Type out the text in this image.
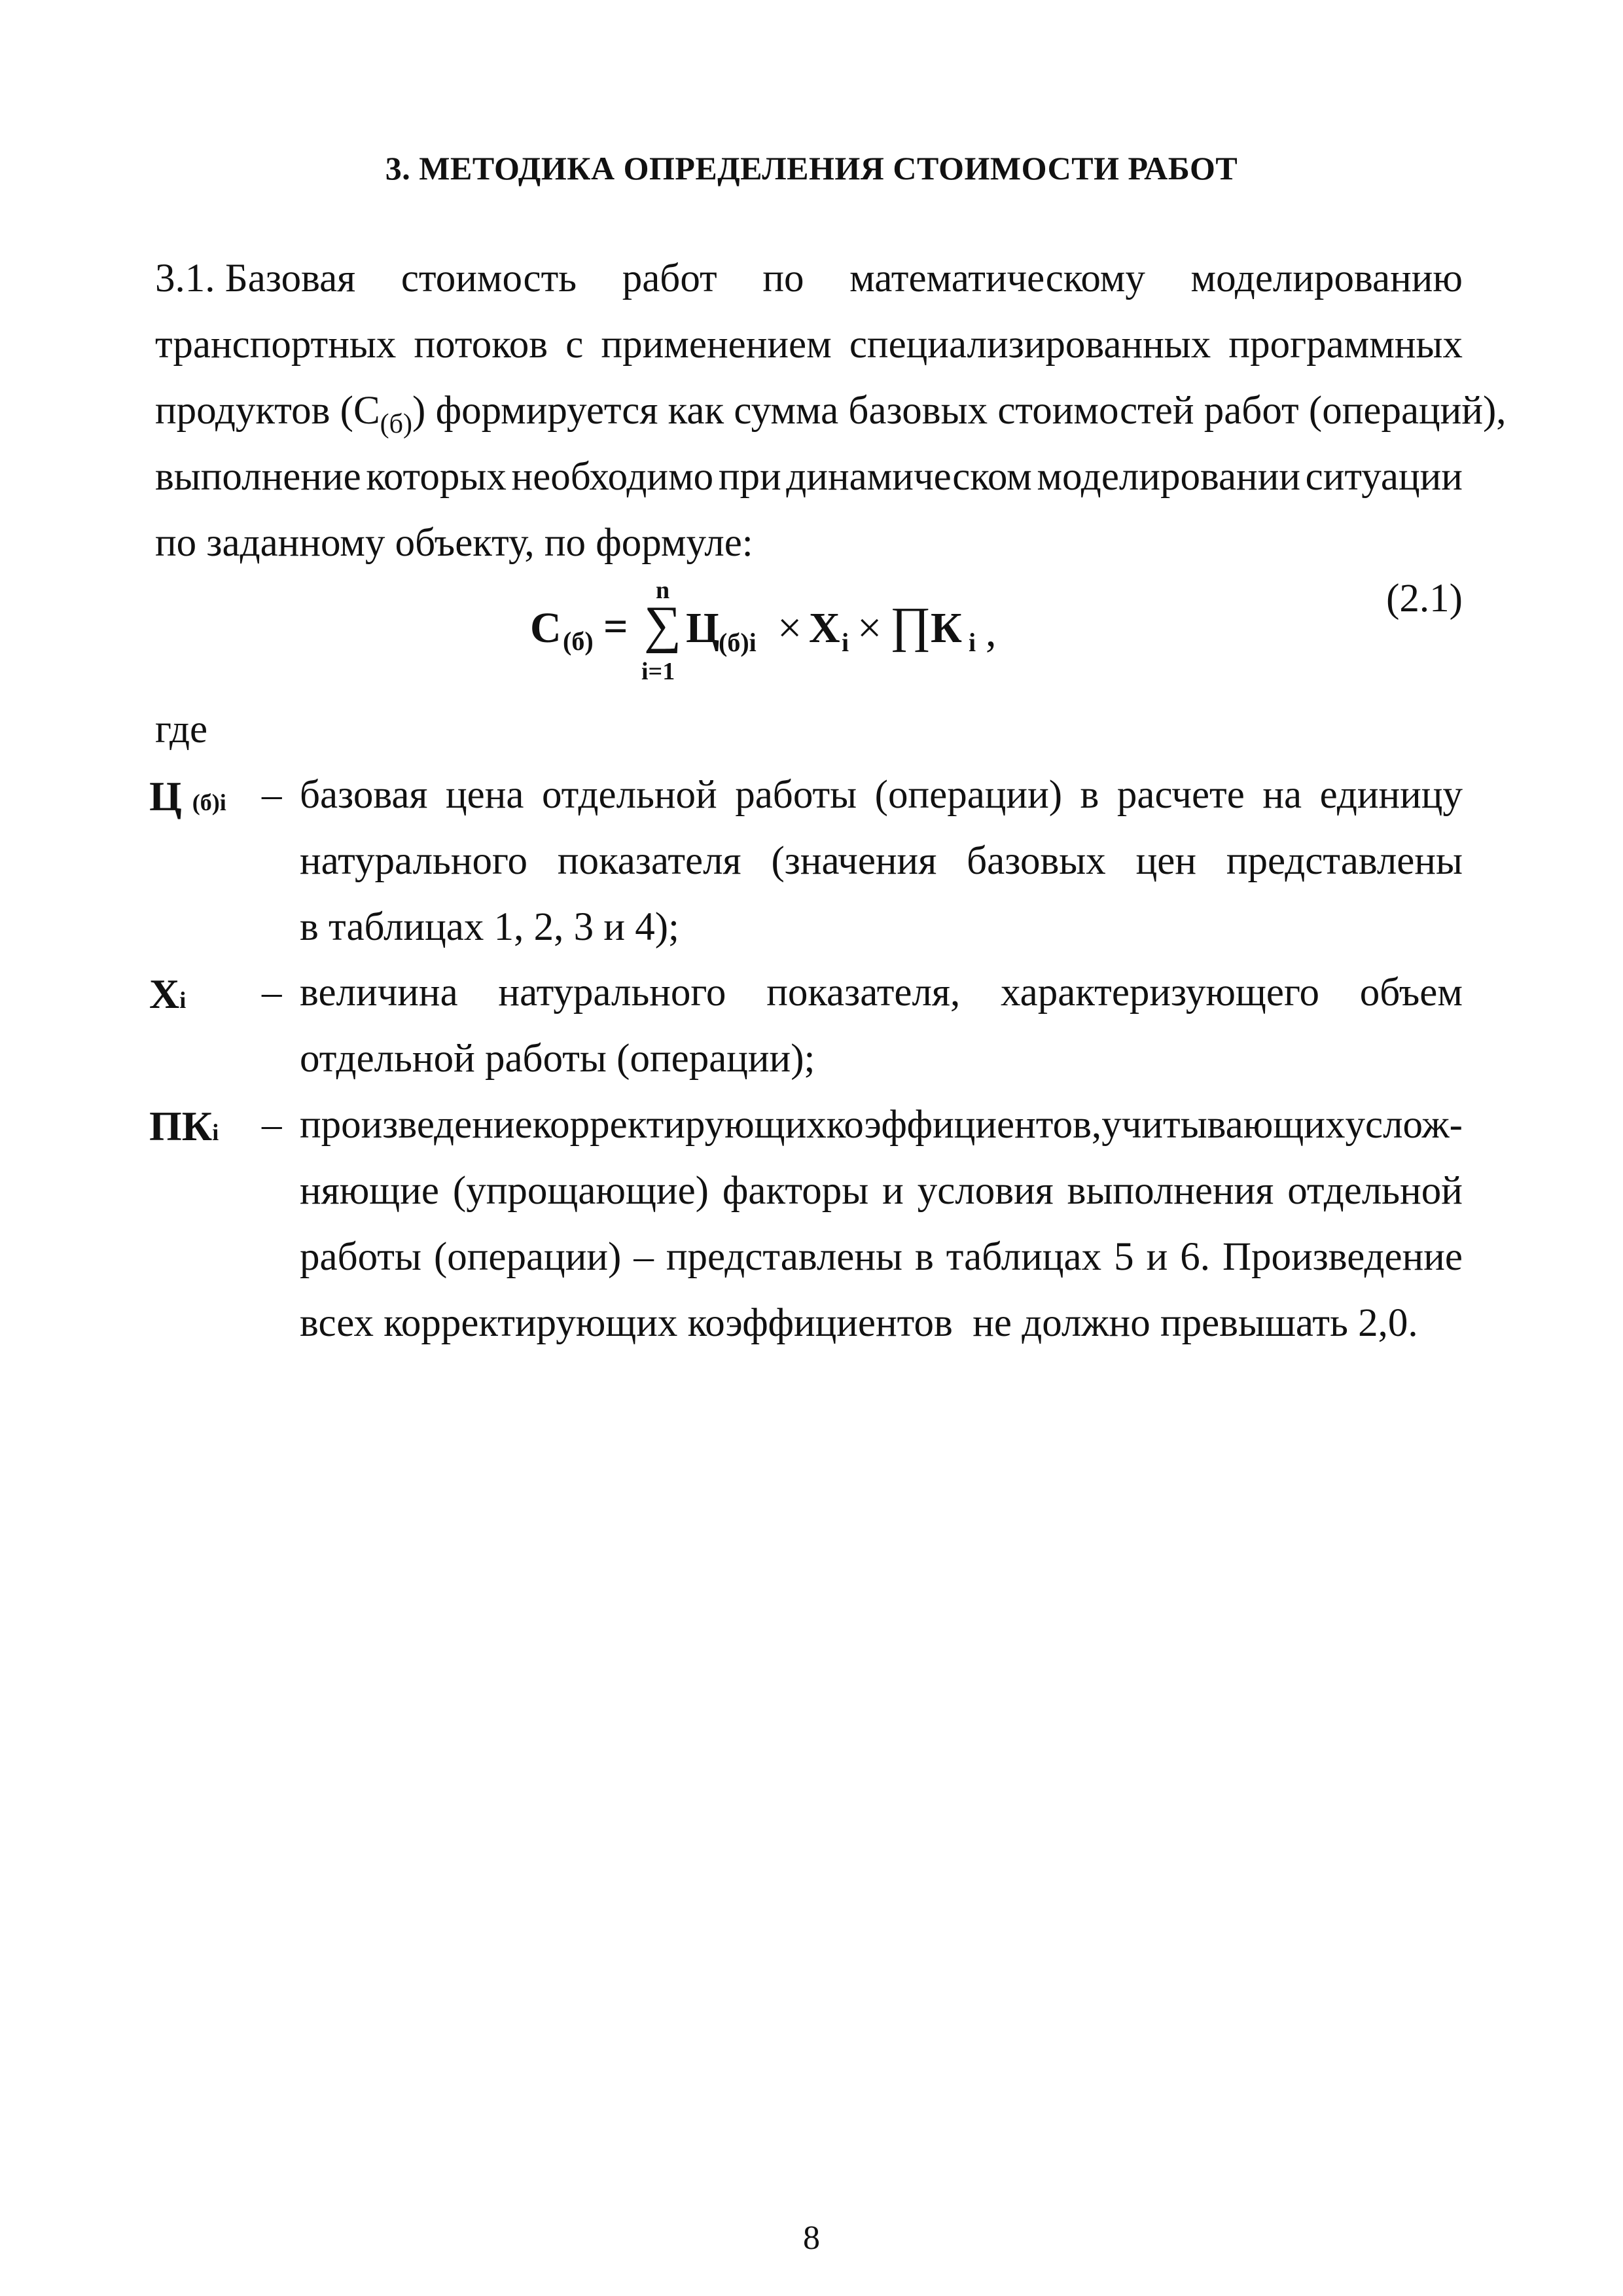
3. МЕТОДИКА ОПРЕДЕЛЕНИЯ СТОИМОСТИ РАБОТ
3.1. Базовая стоимость работ по математическому моделированию
транспортных потоков с применением специализированных программных
продуктов $(С_{(б)})$ формируется как сумма базовых стоимостей работ (операций),
выполнение которых необходимо при динамическом моделировании ситуации
по заданному объекту, по формуле:
С (б) =
n
∑
i=1
Ц
(б)i × Х i × ∏ К i ,
(2.1)
где
Ц (б)i – базовая цена отдельной работы (операции) в расчете на единицу
натурального показателя (значения базовых цен представлены
в таблицах 1, 2, 3 и 4);
Хi – величина натурального показателя, характеризующего объем
отдельной работы (операции);
ПКi – произведение корректирующих коэффициентов, учитывающих услож-
няющие (упрощающие) факторы и условия выполнения отдельной
работы (операции) – представлены в таблицах 5 и 6. Произведение
всех корректирующих коэффициентов  не должно превышать 2,0.
8
